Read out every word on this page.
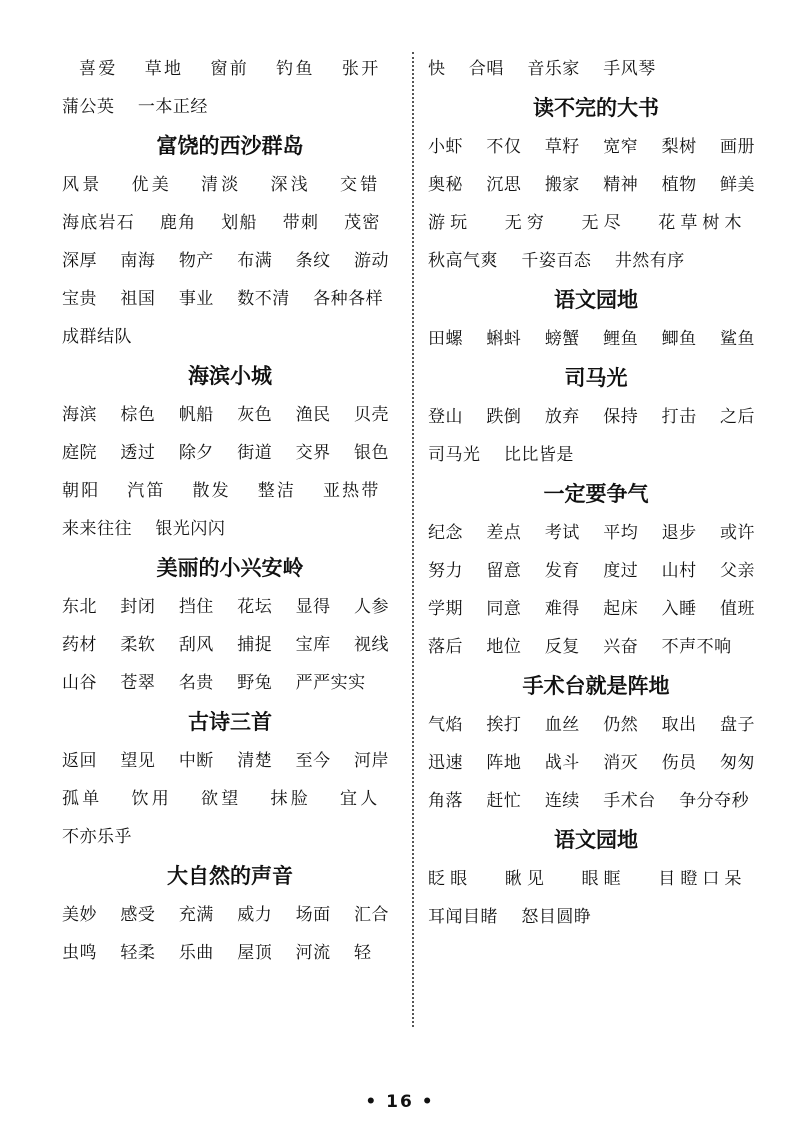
喜爱　 草地　 窗前　 钓鱼　 张开　 蒲公英　 一本正经

富饶的西沙群岛

风景　 优美　 清淡　 深浅　 交错　 海底岩石　 鹿角　 划船　 带刺　 茂密　 深厚　 南海　 物产　 布满　 条纹　 游动　 宝贵　 祖国　 事业　 数不清　 各种各样　 成群结队

海滨小城

海滨　 棕色　 帆船　 灰色　 渔民　 贝壳　 庭院　 透过　 除夕　 街道　 交界　 银色　 朝阳　 汽笛　 散发　 整洁　 亚热带　 来来往往　 银光闪闪

美丽的小兴安岭

东北　 封闭　 挡住　 花坛　 显得　 人参　 药材　 柔软　 刮风　 捕捉　 宝库　 视线　 山谷　 苍翠　 名贵　 野兔　 严严实实

古诗三首

返回　 望见　 中断　 清楚　 至今　 河岸　 孤单　 饮用　 欲望　 抹脸　 宜人　 不亦乐乎

大自然的声音

美妙　 感受　 充满　 威力　 场面　 汇合　 虫鸣　 轻柔　 乐曲　 屋顶　 河流　 轻

快　 合唱　 音乐家　 手风琴

读不完的大书

小虾　 不仅　 草籽　 宽窄　 梨树　 画册　 奥秘　 沉思　 搬家　 精神　 植物　 鲜美　 游玩　 无穷　 无尽　 花草树木　 秋高气爽　 千姿百态　 井然有序

语文园地

田螺　 蝌蚪　 螃蟹　 鲤鱼　 鲫鱼　 鲨鱼

司马光

登山　 跌倒　 放弃　 保持　 打击　 之后　 司马光　 比比皆是

一定要争气

纪念　 差点　 考试　 平均　 退步　 或许　 努力　 留意　 发育　 度过　 山村　 父亲　 学期　 同意　 难得　 起床　 入睡　 值班　 落后　 地位　 反复　 兴奋　 不声不响

手术台就是阵地

气焰　 挨打　 血丝　 仍然　 取出　 盘子　 迅速　 阵地　 战斗　 消灭　 伤员　 匆匆　 角落　 赶忙　 连续　 手术台　 争分夺秒

语文园地

眨眼　 瞅见　 眼眶　 目瞪口呆　 耳闻目睹　 怒目圆睁

• 16 •
